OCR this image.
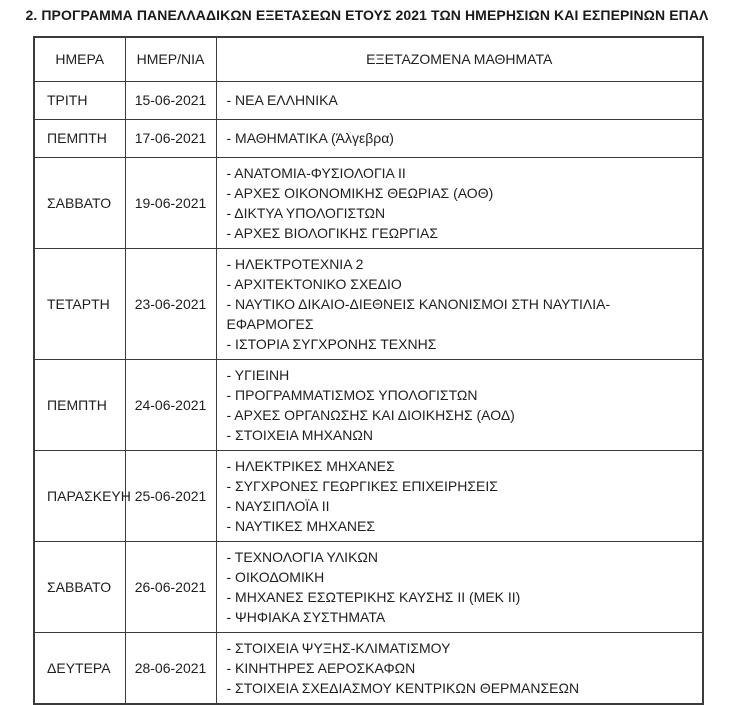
2. ΠΡΟΓΡΑΜΜΑ ΠΑΝΕΛΛΑΔΙΚΩΝ ΕΞΕΤΑΣΕΩΝ ΕΤΟΥΣ 2021 ΤΩΝ ΗΜΕΡΗΣΙΩΝ ΚΑΙ ΕΣΠΕΡΙΝΩΝ ΕΠΑΛ
ΗΜΕΡΑ	ΗΜΕΡ/ΝΙΑ	ΕΞΕΤΑΖΟΜΕΝΑ ΜΑΘΗΜΑΤΑ
ΤΡΙΤΗ	15-06-2021	- ΝΕΑ ΕΛΛΗΝΙΚΑ

ΠΕΜΠΤΗ	17-06-2021	- ΜΑΘΗΜΑΤΙΚΑ (Άλγεβρα)

ΣΑΒΒΑΤΟ	19-06-2021	- ΑΝΑΤΟΜΙΑ-ΦΥΣΙΟΛΟΓΙΑ ΙΙ
- ΑΡΧΕΣ ΟΙΚΟΝΟΜΙΚΗΣ ΘΕΩΡΙΑΣ (ΑΟΘ)
- ΔΙΚΤΥΑ ΥΠΟΛΟΓΙΣΤΩΝ
- ΑΡΧΕΣ ΒΙΟΛΟΓΙΚΗΣ ΓΕΩΡΓΙΑΣ

ΤΕΤΑΡΤΗ	23-06-2021	- ΗΛΕΚΤΡΟΤΕΧΝΙΑ 2
- ΑΡΧΙΤΕΚΤΟΝΙΚΟ ΣΧΕΔΙΟ
- ΝΑΥΤΙΚΟ ΔΙΚΑΙΟ-ΔΙΕΘΝΕΙΣ ΚΑΝΟΝΙΣΜΟΙ ΣΤΗ ΝΑΥΤΙΛΙΑ-ΕΦΑΡΜΟΓΕΣ
- ΙΣΤΟΡΙΑ ΣΥΓΧΡΟΝΗΣ ΤΕΧΝΗΣ

ΠΕΜΠΤΗ	24-06-2021	- ΥΓΙΕΙΝΗ
- ΠΡΟΓΡΑΜΜΑΤΙΣΜΟΣ ΥΠΟΛΟΓΙΣΤΩΝ
- ΑΡΧΕΣ ΟΡΓΑΝΩΣΗΣ ΚΑΙ ΔΙΟΙΚΗΣΗΣ (ΑΟΔ)
- ΣΤΟΙΧΕΙΑ ΜΗΧΑΝΩΝ

ΠΑΡΑΣΚΕΥΗ	25-06-2021	- ΗΛΕΚΤΡΙΚΕΣ ΜΗΧΑΝΕΣ
- ΣΥΓΧΡΟΝΕΣ ΓΕΩΡΓΙΚΕΣ ΕΠΙΧΕΙΡΗΣΕΙΣ
- ΝΑΥΣΙΠΛΟΪΑ ΙΙ
- ΝΑΥΤΙΚΕΣ ΜΗΧΑΝΕΣ

ΣΑΒΒΑΤΟ	26-06-2021	- ΤΕΧΝΟΛΟΓΙΑ ΥΛΙΚΩΝ
- ΟΙΚΟΔΟΜΙΚΗ
- ΜΗΧΑΝΕΣ ΕΣΩΤΕΡΙΚΗΣ ΚΑΥΣΗΣ ΙΙ (ΜΕΚ ΙΙ)
- ΨΗΦΙΑΚΑ ΣΥΣΤΗΜΑΤΑ

ΔΕΥΤΕΡΑ	28-06-2021	- ΣΤΟΙΧΕΙΑ ΨΥΞΗΣ-ΚΛΙΜΑΤΙΣΜΟΥ
- ΚΙΝΗΤΗΡΕΣ ΑΕΡΟΣΚΑΦΩΝ
- ΣΤΟΙΧΕΙΑ ΣΧΕΔΙΑΣΜΟΥ ΚΕΝΤΡΙΚΩΝ ΘΕΡΜΑΝΣΕΩΝ
